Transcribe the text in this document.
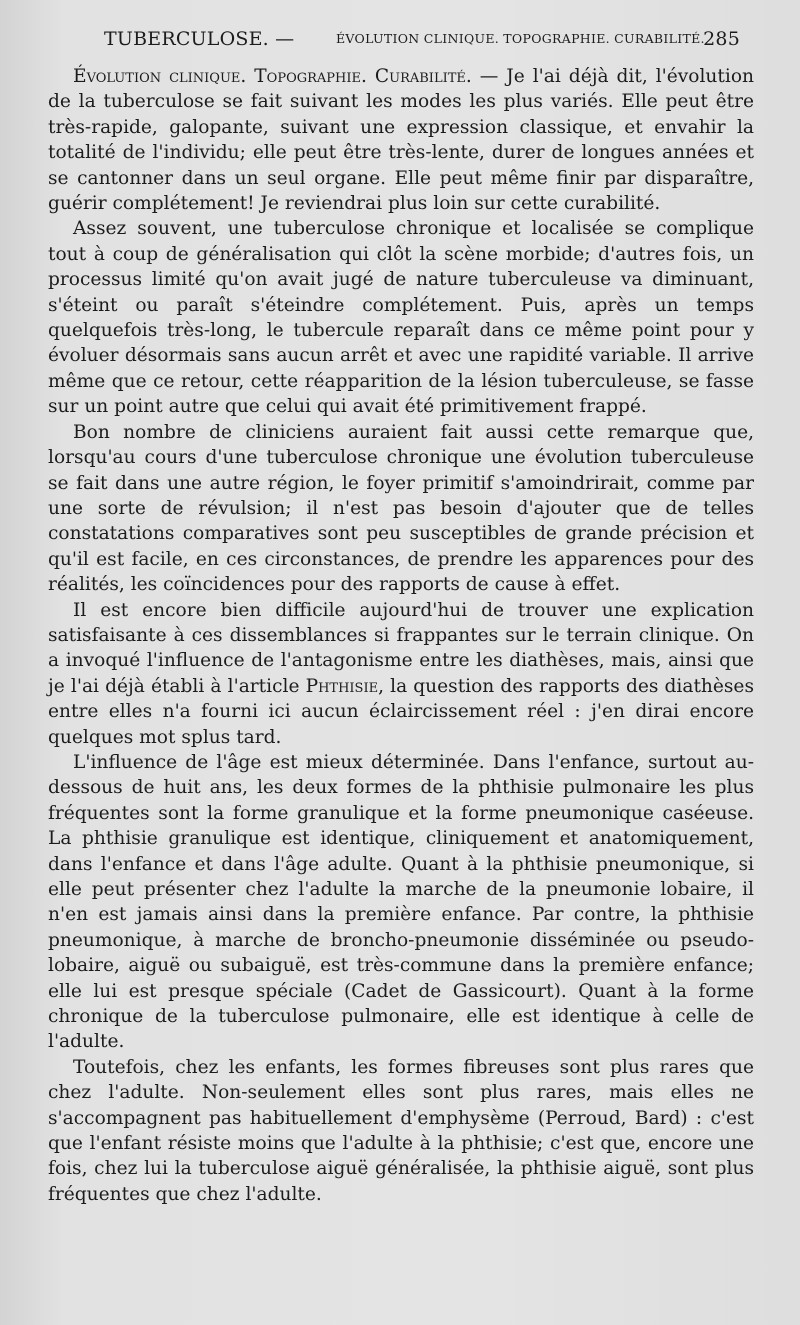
TUBERCULOSE. —	ÉVOLUTION CLINIQUE. TOPOGRAPHIE. CURABILITÉ.
285

Évolution clinique. Topographie. Curabilité. — Je l'ai déjà dit, l'évolution de la tuberculose se fait suivant les modes les plus variés. Elle peut être très-rapide, galopante, suivant une expression classique, et envahir la totalité de l'individu; elle peut être très-lente, durer de longues années et se cantonner dans un seul organe. Elle peut même finir par disparaître, guérir complétement! Je reviendrai plus loin sur cette curabilité.

Assez souvent, une tuberculose chronique et localisée se complique tout à coup de généralisation qui clôt la scène morbide; d'autres fois, un processus limité qu'on avait jugé de nature tuberculeuse va diminuant, s'éteint ou paraît s'éteindre complétement. Puis, après un temps quelquefois très-long, le tubercule reparaît dans ce même point pour y évoluer désormais sans aucun arrêt et avec une rapidité variable. Il arrive même que ce retour, cette réapparition de la lésion tuberculeuse, se fasse sur un point autre que celui qui avait été primitivement frappé.

Bon nombre de cliniciens auraient fait aussi cette remarque que, lorsqu'au cours d'une tuberculose chronique une évolution tuberculeuse se fait dans une autre région, le foyer primitif s'amoindrirait, comme par une sorte de révulsion; il n'est pas besoin d'ajouter que de telles constatations comparatives sont peu susceptibles de grande précision et qu'il est facile, en ces circonstances, de prendre les apparences pour des réalités, les coïncidences pour des rapports de cause à effet.

Il est encore bien difficile aujourd'hui de trouver une explication satisfaisante à ces dissemblances si frappantes sur le terrain clinique. On a invoqué l'influence de l'antagonisme entre les diathèses, mais, ainsi que je l'ai déjà établi à l'article Phthisie, la question des rapports des diathèses entre elles n'a fourni ici aucun éclaircissement réel : j'en dirai encore quelques mot splus tard.

L'influence de l'âge est mieux déterminée. Dans l'enfance, surtout au-dessous de huit ans, les deux formes de la phthisie pulmonaire les plus fréquentes sont la forme granulique et la forme pneumonique caséeuse. La phthisie granulique est identique, cliniquement et anatomiquement, dans l'enfance et dans l'âge adulte. Quant à la phthisie pneumonique, si elle peut présenter chez l'adulte la marche de la pneumonie lobaire, il n'en est jamais ainsi dans la première enfance. Par contre, la phthisie pneumonique, à marche de broncho-pneumonie disséminée ou pseudo-lobaire, aiguë ou subaiguë, est très-commune dans la première enfance; elle lui est presque spéciale (Cadet de Gassicourt). Quant à la forme chronique de la tuberculose pulmonaire, elle est identique à celle de l'adulte.

Toutefois, chez les enfants, les formes fibreuses sont plus rares que chez l'adulte. Non-seulement elles sont plus rares, mais elles ne s'accompagnent pas habituellement d'emphysème (Perroud, Bard) : c'est que l'enfant résiste moins que l'adulte à la phthisie; c'est que, encore une fois, chez lui la tuberculose aiguë généralisée, la phthisie aiguë, sont plus fréquentes que chez l'adulte.
